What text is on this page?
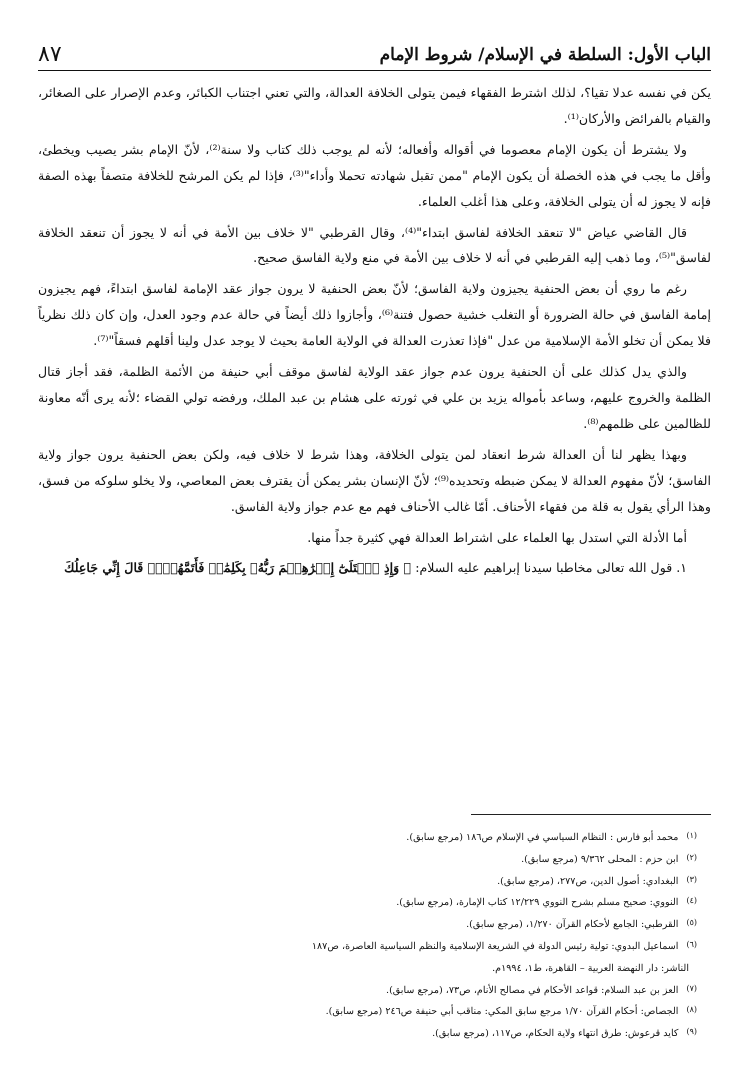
الباب الأول: السلطة في الإسلام/ شروط الإمام
٨٧

يكن في نفسه عدلا تقيا؟، لذلك اشترط الفقهاء فيمن يتولى الخلافة العدالة، والتي تعني اجتناب الكبائر، وعدم الإصرار على الصغائر، والقيام بالفرائض والأركان⁽¹⁾.

ولا يشترط أن يكون الإمام معصوما في أقواله وأفعاله؛ لأنه لم يوجب ذلك كتاب ولا سنة⁽²⁾، لأنّ الإمام بشر يصيب ويخطئ، وأقل ما يجب في هذه الخصلة أن يكون الإمام "ممن تقبل شهادته تحملا وأداء"⁽³⁾، فإذا لم يكن المرشح للخلافة متصفاً بهذه الصفة فإنه لا يجوز له أن يتولى الخلافة، وعلى هذا أغلب العلماء.

قال القاضي عياض "لا تنعقد الخلافة لفاسق ابتداء"⁽⁴⁾، وقال القرطبي "لا خلاف بين الأمة في أنه لا يجوز أن تنعقد الخلافة لفاسق"⁽⁵⁾، وما ذهب إليه القرطبي في أنه لا خلاف بين الأمة في منع ولاية الفاسق صحيح.

رغم ما روي أن بعض الحنفية يجيزون ولاية الفاسق؛ لأنّ بعض الحنفية لا يرون جواز عقد الإمامة لفاسق ابتداءً، فهم يجيزون إمامة الفاسق في حالة الضرورة أو التغلب خشية حصول فتنة⁽⁶⁾، وأجازوا ذلك أيضاً في حالة عدم وجود العدل، وإن كان ذلك نظرياً فلا يمكن أن تخلو الأمة الإسلامية من عدل "فإذا تعذرت العدالة في الولاية العامة بحيث لا يوجد عدل ولينا أقلهم فسقاً"⁽⁷⁾.

والذي يدل كذلك على أن الحنفية يرون عدم جواز عقد الولاية لفاسق موقف أبي حنيفة من الأئمة الظلمة، فقد أجاز قتال الظلمة والخروج عليهم، وساعد بأمواله يزيد بن علي في ثورته على هشام بن عبد الملك، ورفضه تولي القضاء ؛لأنه يرى أنّه معاونة للظالمين على ظلمهم⁽⁸⁾.

وبهذا يظهر لنا أن العدالة شرط انعقاد لمن يتولى الخلافة، وهذا شرط لا خلاف فيه، ولكن بعض الحنفية يرون جواز ولاية الفاسق؛ لأنّ مفهوم العدالة لا يمكن ضبطه وتحديده⁽⁹⁾؛ لأنّ الإنسان بشر يمكن أن يقترف بعض المعاصي، ولا يخلو سلوكه من فسق، وهذا الرأي يقول به قلة من فقهاء الأحناف. أمّا غالب الأحناف فهم مع عدم جواز ولاية الفاسق.

أما الأدلة التي استدل بها العلماء على اشتراط العدالة فهي كثيرة جداً منها.

١. قول الله تعالى مخاطبا سيدنا إبراهيم عليه السلام: ﴿ وَإِذِ ٱبۡتَلَىٰٓ إِبۡرَٰهِـۧمَ رَبُّهُۥ بِكَلِمَٰتٖ فَأَتَمَّهُنَّۖ قَالَ إِنِّي جَاعِلُكَ

$^{(١)}$محمد أبو فارس : النظام السياسي في الإسلام ص١٨٦ (مرجع سابق).
$^{(٢)}$ابن حزم : المحلى ٩/٣٦٢ (مرجع سابق).
$^{(٣)}$البغدادي: أصول الدين، ص٢٧٧، (مرجع سابق).
$^{(٤)}$النووي: صحيح مسلم بشرح النووي ١٢/٢٢٩ كتاب الإمارة، (مرجع سابق).
$^{(٥)}$القرطبي: الجامع لأحكام القرآن ١/٢٧٠، (مرجع سابق).
$^{(٦)}$اسماعيل البدوي: تولية رئيس الدولة في الشريعة الإسلامية والنظم السياسية العاصرة، ص١٨٧
الناشر: دار النهضة العربية – القاهرة، ط١، ١٩٩٤م.
$^{(٧)}$العز بن عبد السلام: قواعد الأحكام في مصالح الأنام، ص٧٣، (مرجع سابق).
$^{(٨)}$الجصاص: أحكام القرآن ١/٧٠ مرجع سابق المكي: مناقب أبي حنيفة ص٢٤٦ (مرجع سابق).
$^{(٩)}$كايد قرعوش: طرق انتهاء ولاية الحكام، ص١١٧، (مرجع سابق).
